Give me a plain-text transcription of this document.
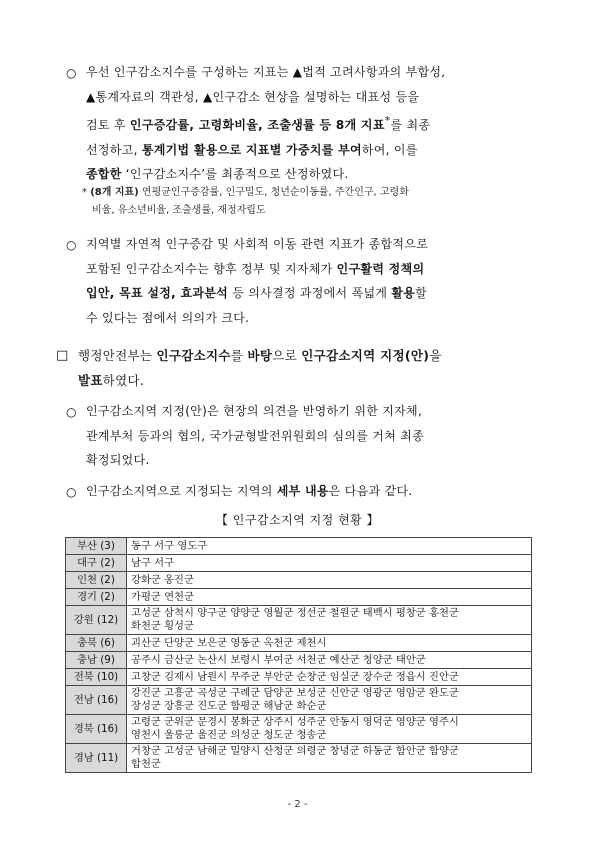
○ 우선 인구감소지수를 구성하는 지표는 ▲법적 고려사항과의 부합성,
▲통계자료의 객관성, ▲인구감소 현상을 설명하는 대표성 등을
검토 후 인구증감률, 고령화비율, 조출생률 등 8개 지표*를 최종
선정하고, 통계기법 활용으로 지표별 가중치를 부여하여, 이를
종합한 ‘인구감소지수’를 최종적으로 산정하였다.
* (8개 지표) 연평균인구증감률, 인구밀도, 청년순이동률, 주간인구, 고령화
비율, 유소년비율, 조출생률, 재정자립도
○ 지역별 자연적 인구증감 및 사회적 이동 관련 지표가 종합적으로
포함된 인구감소지수는 향후 정부 및 지자체가 인구활력 정책의
입안, 목표 설정, 효과분석 등 의사결정 과정에서 폭넓게 활용할
수 있다는 점에서 의의가 크다.
□ 행정안전부는 인구감소지수를 바탕으로 인구감소지역 지정(안)을
발표하였다.
○ 인구감소지역 지정(안)은 현장의 의견을 반영하기 위한 지자체,
관계부처 등과의 협의, 국가균형발전위원회의 심의를 거쳐 최종
확정되었다.
○ 인구감소지역으로 지정되는 지역의 세부 내용은 다음과 같다.
【 인구감소지역 지정 현황 】
부산 (3)	동구 서구 영도구

대구 (2)	남구 서구

인천 (2)	강화군 옹진군

경기 (2)	가평군 연천군

강원 (12)	고성군 삼척시 양구군 양양군 영월군 정선군 철원군 태백시 평창군 홍천군
화천군 횡성군

충북 (6)	괴산군 단양군 보은군 영동군 옥천군 제천시

충남 (9)	공주시 금산군 논산시 보령시 부여군 서천군 예산군 청양군 태안군

전북 (10)	고창군 김제시 남원시 무주군 부안군 순창군 임실군 장수군 정읍시 진안군

전남 (16)	강진군 고흥군 곡성군 구례군 담양군 보성군 신안군 영광군 영암군 완도군
장성군 장흥군 진도군 함평군 해남군 화순군

경북 (16)	고령군 군위군 문경시 봉화군 상주시 성주군 안동시 영덕군 영양군 영주시
영천시 울릉군 울진군 의성군 청도군 청송군

경남 (11)	거창군 고성군 남해군 밀양시 산청군 의령군 창녕군 하동군 함안군 함양군
합천군
- 2 -
